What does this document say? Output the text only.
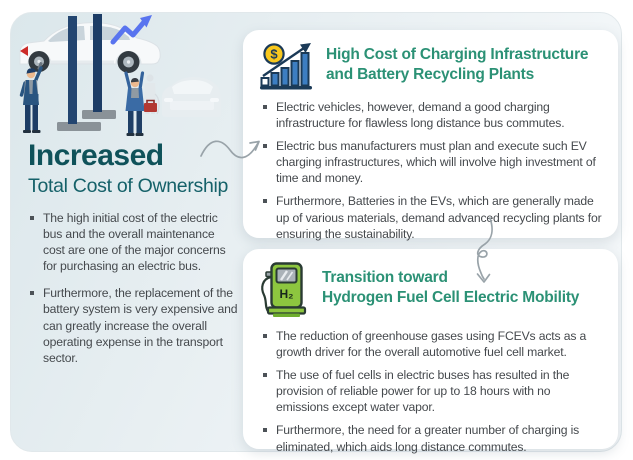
Increased
Total Cost of Ownership
The high initial cost of the electric bus and the overall maintenance cost are one of the major concerns for purchasing an electric bus.
Furthermore, the replacement of the battery system is very expensive and can greatly increase the overall operating expense in the transport sector.
$	High Cost of Charging Infrastructure
and Battery Recycling Plants
Electric vehicles, however, demand a good charging infrastructure for flawless long distance bus commutes.
Electric bus manufacturers must plan and execute such EV charging infrastructures, which will involve high investment of time and money.
Furthermore, Batteries in the EVs, which are generally made up of various materials, demand advanced recycling plants for ensuring the sustainability.
H₂
Transition toward
Hydrogen Fuel Cell Electric Mobility
The reduction of greenhouse gases using FCEVs acts as a growth driver for the overall automotive fuel cell market.
The use of fuel cells in electric buses has resulted in the provision of reliable power for up to 18 hours with no emissions except water vapor.
Furthermore, the need for a greater number of charging is eliminated, which aids long distance commutes.
